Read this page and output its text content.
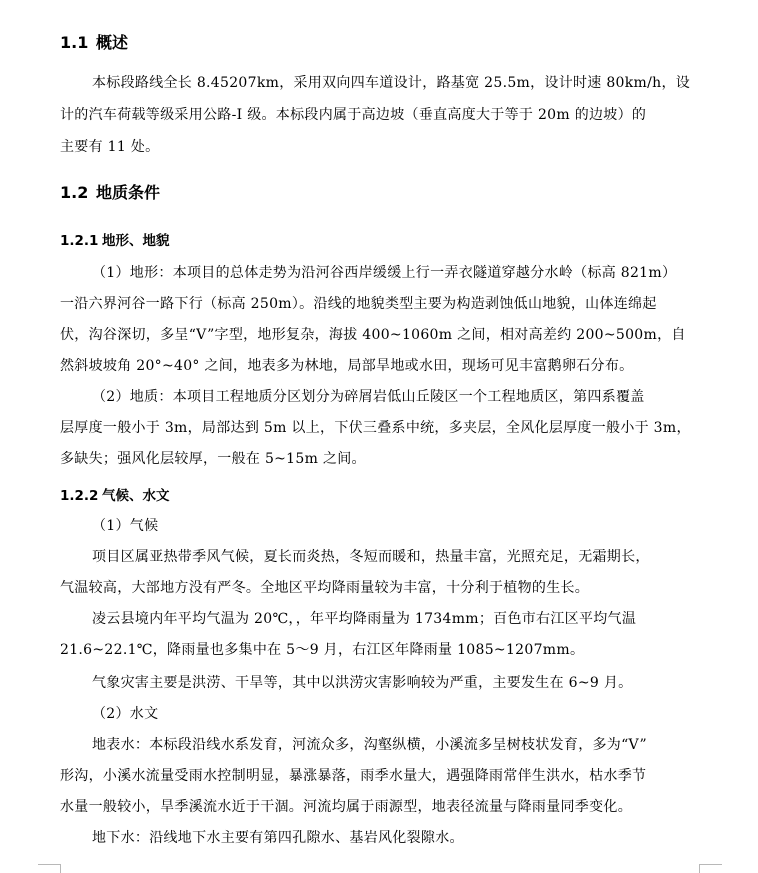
1.1 概述
本标段路线全长 8.45207km，采用双向四车道设计，路基宽 25.5m，设计时速 80km/h，设
计的汽车荷载等级采用公路-I 级。本标段内属于高边坡（垂直高度大于等于 20m 的边坡）的
主要有 11 处。
1.2 地质条件
1.2.1 地形、地貌
（1）地形：本项目的总体走势为沿河谷西岸缓缓上行一弄衣隧道穿越分水岭（标高 821m）
一沿六界河谷一路下行（标高 250m）。沿线的地貌类型主要为构造剥蚀低山地貌，山体连绵起
伏，沟谷深切，多呈“V”字型，地形复杂，海拔 400~1060m 之间，相对高差约 200~500m，自
然斜坡坡角 20°~40° 之间，地表多为林地，局部旱地或水田，现场可见丰富鹅卵石分布。
（2）地质：本项目工程地质分区划分为碎屑岩低山丘陵区一个工程地质区，第四系覆盖
层厚度一般小于 3m，局部达到 5m 以上，下伏三叠系中统，多夹层，全风化层厚度一般小于 3m，
多缺失；强风化层较厚，一般在 5~15m 之间。
1.2.2 气候、水文
（1）气候
项目区属亚热带季风气候，夏长而炎热，冬短而暖和，热量丰富，光照充足，无霜期长，
气温较高，大部地方没有严冬。全地区平均降雨量较为丰富，十分利于植物的生长。
凌云县境内年平均气温为 20℃，，年平均降雨量为 1734mm；百色市右江区平均气温
21.6~22.1℃，降雨量也多集中在 5～9 月，右江区年降雨量 1085~1207mm。
气象灾害主要是洪涝、干旱等，其中以洪涝灾害影响较为严重，主要发生在 6~9 月。
（2）水文
地表水：本标段沿线水系发育，河流众多，沟壑纵横，小溪流多呈树枝状发育，多为“V”
形沟，小溪水流量受雨水控制明显，暴涨暴落，雨季水量大，遇强降雨常伴生洪水，枯水季节
水量一般较小，旱季溪流水近于干涸。河流均属于雨源型，地表径流量与降雨量同季变化。
地下水：沿线地下水主要有第四孔隙水、基岩风化裂隙水。
